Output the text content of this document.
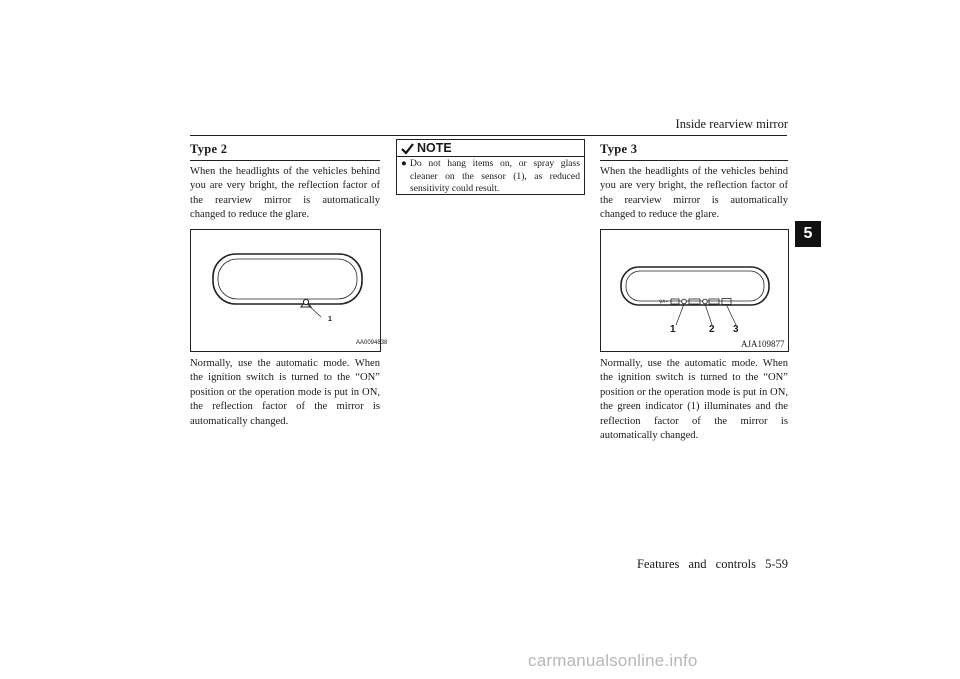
Inside rearview mirror
5
Type 2
When the headlights of the vehicles behind you are very bright, the reflection factor of the rearview mirror is automatically changed to reduce the glare.
1
AA0094838
Normally, use the automatic mode. When the ignition switch is turned to the “ON” position or the operation mode is put in ON, the reflection factor of the mirror is automatically changed.
NOTE
● Do not hang items on, or spray glass cleaner on the sensor (1), as reduced sensitivity could result.
Type 3
When the headlights of the vehicles behind you are very bright, the reflection factor of the rearview mirror is automatically changed to reduce the glare.
♀A•
1	2 3
AJA109877
Normally, use the automatic mode. When the ignition switch is turned to the “ON” position or the operation mode is put in ON, the green indicator (1) illuminates and the reflection factor of the mirror is automatically changed.
Features and controls 5-59
carmanualsonline.info
